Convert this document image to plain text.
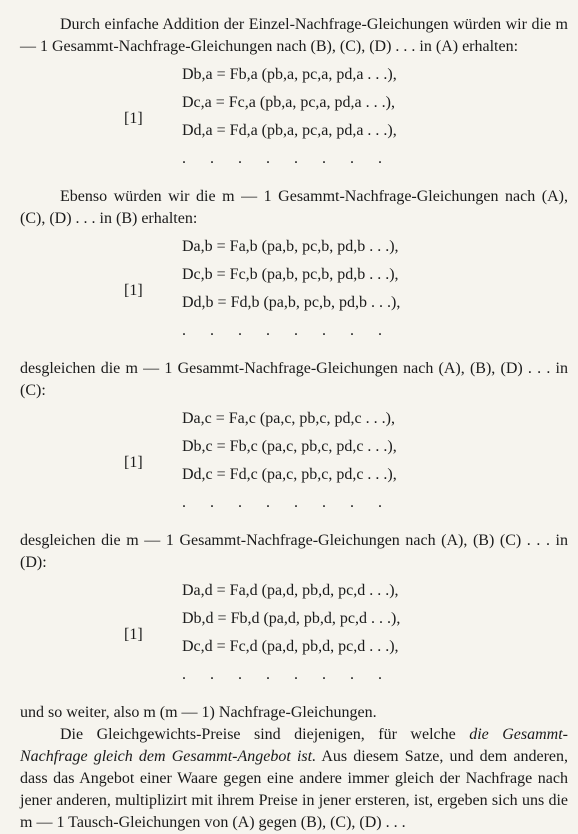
Durch einfache Addition der Einzel-Nachfrage-Gleichungen würden wir die m — 1 Gesammt-Nachfrage-Gleichungen nach (B), (C), (D) . . . in (A) erhalten:

[1]
Db,a = Fb,a (pb,a, pc,a, pd,a . . .),
Dc,a = Fc,a (pb,a, pc,a, pd,a . . .),
Dd,a = Fd,a (pb,a, pc,a, pd,a . . .),
. . . . . . . .

Ebenso würden wir die m — 1 Gesammt-Nachfrage-Gleichungen nach (A), (C), (D) . . . in (B) erhalten:

[1]
Da,b = Fa,b (pa,b, pc,b, pd,b . . .),
Dc,b = Fc,b (pa,b, pc,b, pd,b . . .),
Dd,b = Fd,b (pa,b, pc,b, pd,b . . .),
. . . . . . . .

desgleichen die m — 1 Gesammt-Nachfrage-Gleichungen nach (A), (B), (D) . . . in (C):

[1]
Da,c = Fa,c (pa,c, pb,c, pd,c . . .),
Db,c = Fb,c (pa,c, pb,c, pd,c . . .),
Dd,c = Fd,c (pa,c, pb,c, pd,c . . .),
. . . . . . . .

desgleichen die m — 1 Gesammt-Nachfrage-Gleichungen nach (A), (B) (C) . . . in (D):

[1]
Da,d = Fa,d (pa,d, pb,d, pc,d . . .),
Db,d = Fb,d (pa,d, pb,d, pc,d . . .),
Dc,d = Fc,d (pa,d, pb,d, pc,d . . .),
. . . . . . . .

und so weiter, also m (m — 1) Nachfrage-Gleichungen.

Die Gleichgewichts-Preise sind diejenigen, für welche die Gesammt-Nachfrage gleich dem Gesammt-Angebot ist. Aus diesem Satze, und dem anderen, dass das Angebot einer Waare gegen eine andere immer gleich der Nachfrage nach jener anderen, multiplizirt mit ihrem Preise in jener ersteren, ist, ergeben sich uns die m — 1 Tausch-Gleichungen von (A) gegen (B), (C), (D) . . .
